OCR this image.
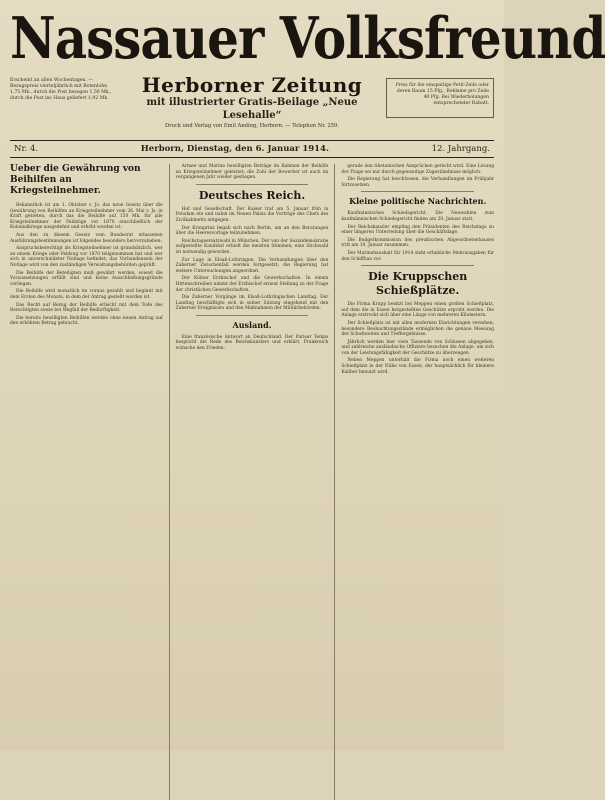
Nassauer Volksfreund
Erscheint an allen Wochentagen. — Bezugspreis vierteljährlich mit Botenlohn 1,75 Mk., durch die Post bezogen 1,50 Mk., durch die Post ins Haus geliefert 1,92 Mk.
Herborner Zeitung
mit illustrierter Gratis-Beilage „Neue Lesehalle“
Druck und Verlag von Emil Anding, Herborn. — Telephon Nr. 259.
Preis für die einspaltige Petit-Zeile oder deren Raum 15 Pfg., Reklame pro Zeile 40 Pfg. Bei Wiederholungen entsprechender Rabatt.
Nr. 4.	Herborn, Dienstag, den 6. Januar 1914.	12. Jahrgang.
Ueber die Gewährung von Beihilfen an Kriegsteilnehmer.

Bekanntlich ist am 1. Oktober v. Js. das neue Gesetz über die Gewährung von Beihilfen an Kriegsteilnehmer vom 26. Mai v. Js. in Kraft getreten, durch das die Beihilfe auf 150 Mk. für alle Kriegsteilnehmer der Feldzüge vor 1870 einschließlich der Kolonialkriege ausgedehnt und erhöht worden ist.

Aus den zu diesem Gesetz vom Bundesrat erlassenen Ausführungsbestimmungen ist folgendes besonders hervorzuheben:

Anspruchsberechtigt als Kriegsteilnehmer ist grundsätzlich, wer an einem Kriege oder Feldzug vor 1870 teilgenommen hat und wer sich in unverschuldeter Notlage befindet; das Vorhandensein der Notlage wird von den zuständigen Verwaltungsbehörden geprüft.

Die Beihilfe der Beteiligten muß gewährt werden, soweit die Voraussetzungen erfüllt sind und keine Ausschließungsgründe vorliegen.

Die Beihilfe wird monatlich im voraus gezahlt und beginnt mit dem Ersten des Monats, in dem der Antrag gestellt worden ist.

Das Recht auf Bezug der Beihilfe erlischt mit dem Tode des Berechtigten sowie bei Wegfall der Bedürftigkeit.

Die bereits bewilligten Beihilfen werden ohne neuen Antrag auf den erhöhten Betrag gebracht.

Armee und Marine bewilligten Beträge im Rahmen der Beihilfe an Kriegsteilnehmer geleistet; die Zahl der Bewerber ist auch im vergangenen Jahr wieder gestiegen.

Deutsches Reich.

Hof und Gesellschaft. Der Kaiser traf am 5. Januar früh in Potsdam ein und nahm im Neuen Palais die Vorträge des Chefs des Zivilkabinetts entgegen.

Der Kronprinz begab sich nach Berlin, um an den Beratungen über die Heeresvorlage teilzunehmen.

Reichstagsersatzwahl in München. Der von der Sozialdemokratie aufgestellte Kandidat erhielt die meisten Stimmen; eine Stichwahl ist notwendig geworden.

Zur Lage in Elsaß-Lothringen. Die Verhandlungen über den Zaberner Zwischenfall werden fortgesetzt; die Regierung hat weitere Untersuchungen angeordnet.

Der Kölner Erzbischof und die Gewerkschaften. In einem Hirtenschreiben nimmt der Erzbischof erneut Stellung zu der Frage der christlichen Gewerkschaften.

Die Zaberner Vorgänge im Elsaß-Lothringischen Landtag. Der Landtag beschäftigte sich in seiner Sitzung eingehend mit den Zaberner Ereignissen und den Maßnahmen der Militärbehörden.

Ausland.

Eine französische Antwort an Deutschland. Der Pariser Temps bespricht die Rede des Reichskanzlers und erklärt, Frankreich wünsche den Frieden.

gerade den tibetanischen Ansprüchen gerecht wird. Eine Lösung der Frage sei nur durch gegenseitige Zugeständnisse möglich.

Die Regierung hat beschlossen, die Verhandlungen im Frühjahr fortzusetzen.

Kleine politische Nachrichten.

Kaufmännisches Schiedsgericht. Die Neuwahlen zum kaufmännischen Schiedsgericht finden am 20. Januar statt.

Der Reichskanzler empfing den Präsidenten des Reichstags zu einer längeren Unterredung über die Geschäftslage.

Die Budgetkommission des preußischen Abgeordnetenhauses tritt am 10. Januar zusammen.

Der Marinehaushalt für 1914 sieht erhebliche Mehrausgaben für den Schiffbau vor.

Die Kruppschen Schießplätze.

Die Firma Krupp besitzt bei Meppen einen großen Schießplatz, auf dem die in Essen hergestellten Geschütze erprobt werden. Die Anlage erstreckt sich über eine Länge von mehreren Kilometern.

Der Schießplatz ist mit allen modernen Einrichtungen versehen; besondere Beobachtungsstände ermöglichen die genaue Messung der Schußweiten und Treffergebnisse.

Jährlich werden hier viele Tausende von Schüssen abgegeben, und zahlreiche ausländische Offiziere besuchen die Anlage, um sich von der Leistungsfähigkeit der Geschütze zu überzeugen.

Neben Meppen unterhält die Firma noch einen weiteren Schießplatz in der Nähe von Essen, der hauptsächlich für kleinere Kaliber benutzt wird.
